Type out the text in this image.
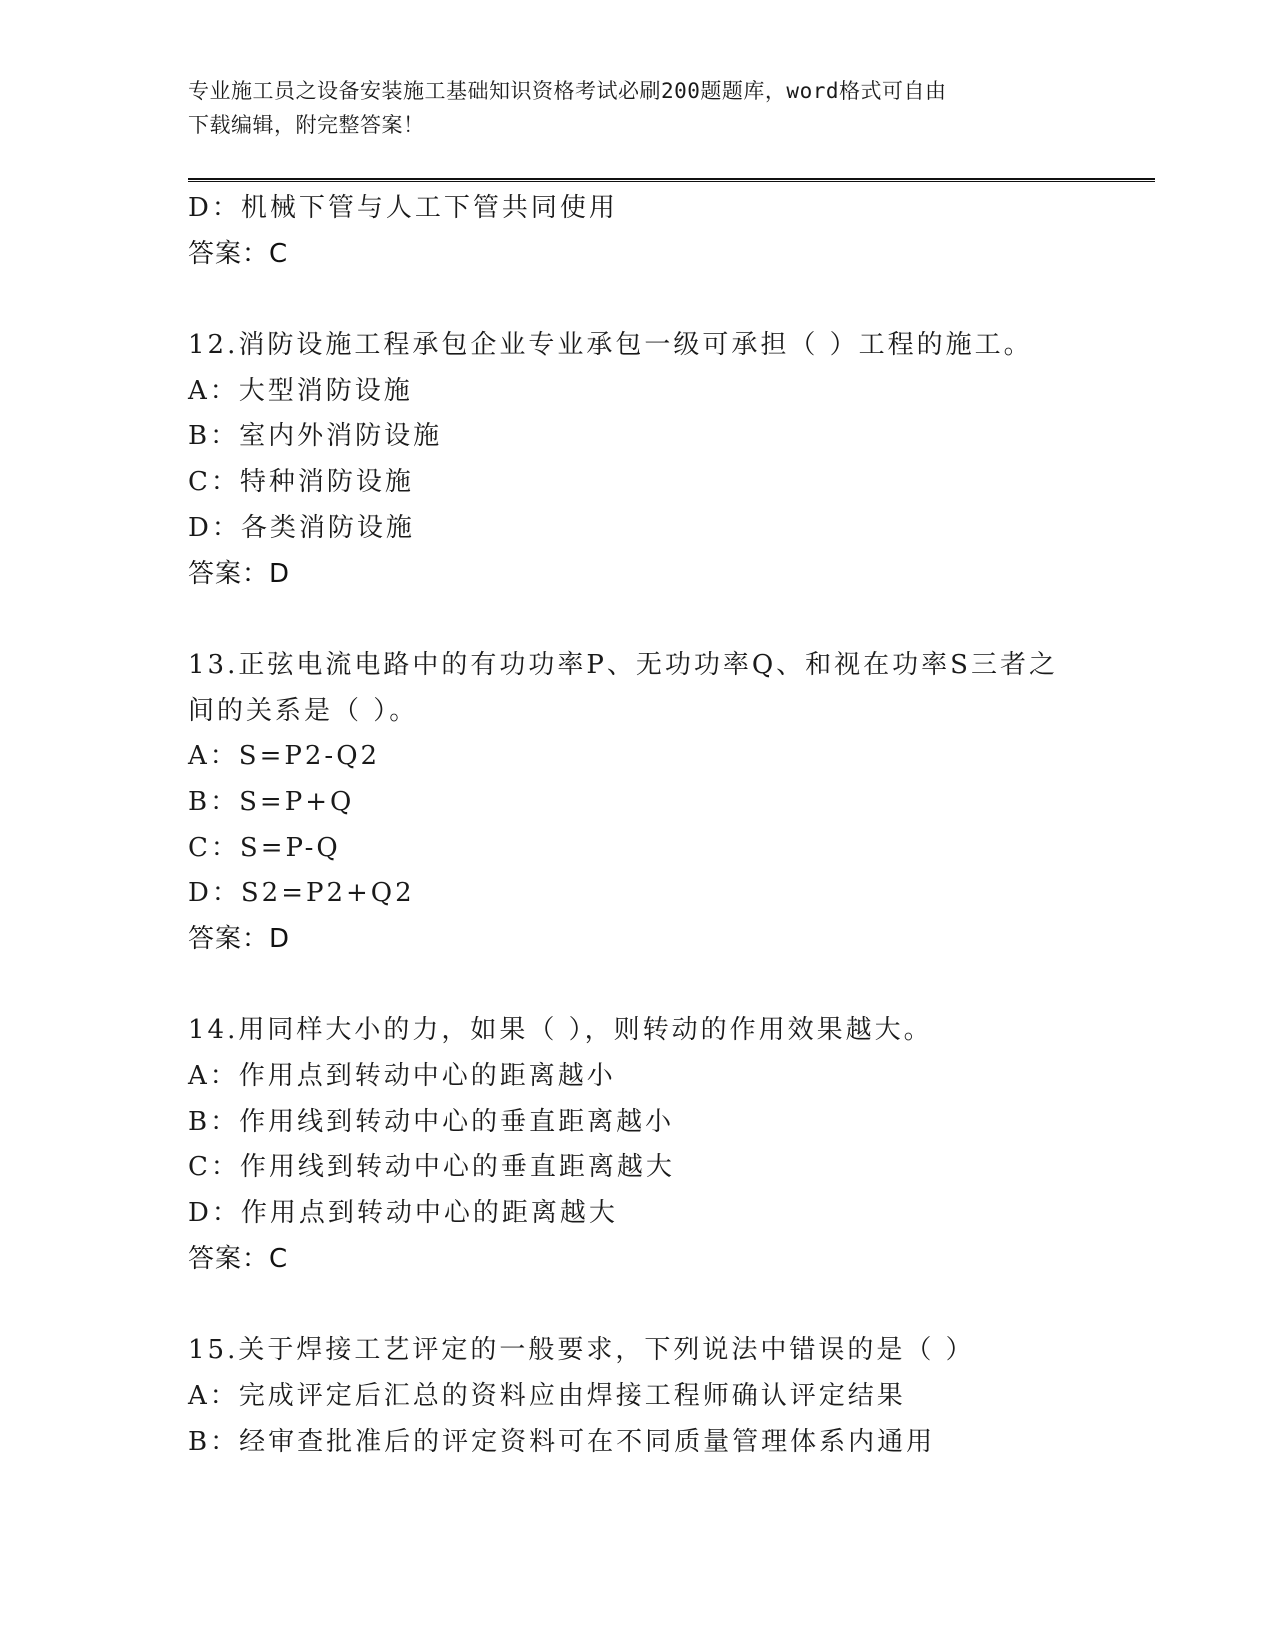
专业施工员之设备安装施工基础知识资格考试必刷200题题库，word格式可自由
下载编辑，附完整答案！
D：机械下管与人工下管共同使用
答案：C
12.消防设施工程承包企业专业承包一级可承担（ ）工程的施工。
A：大型消防设施
B：室内外消防设施
C：特种消防设施
D：各类消防设施
答案：D
13.正弦电流电路中的有功功率P、无功功率Q、和视在功率S三者之
间的关系是（ ）。
A：S=P2-Q2
B：S=P+Q
C：S=P-Q
D：S2=P2+Q2
答案：D
14.用同样大小的力，如果（ ），则转动的作用效果越大。
A：作用点到转动中心的距离越小
B：作用线到转动中心的垂直距离越小
C：作用线到转动中心的垂直距离越大
D：作用点到转动中心的距离越大
答案：C
15.关于焊接工艺评定的一般要求，下列说法中错误的是（ ）
A：完成评定后汇总的资料应由焊接工程师确认评定结果
B：经审查批准后的评定资料可在不同质量管理体系内通用
